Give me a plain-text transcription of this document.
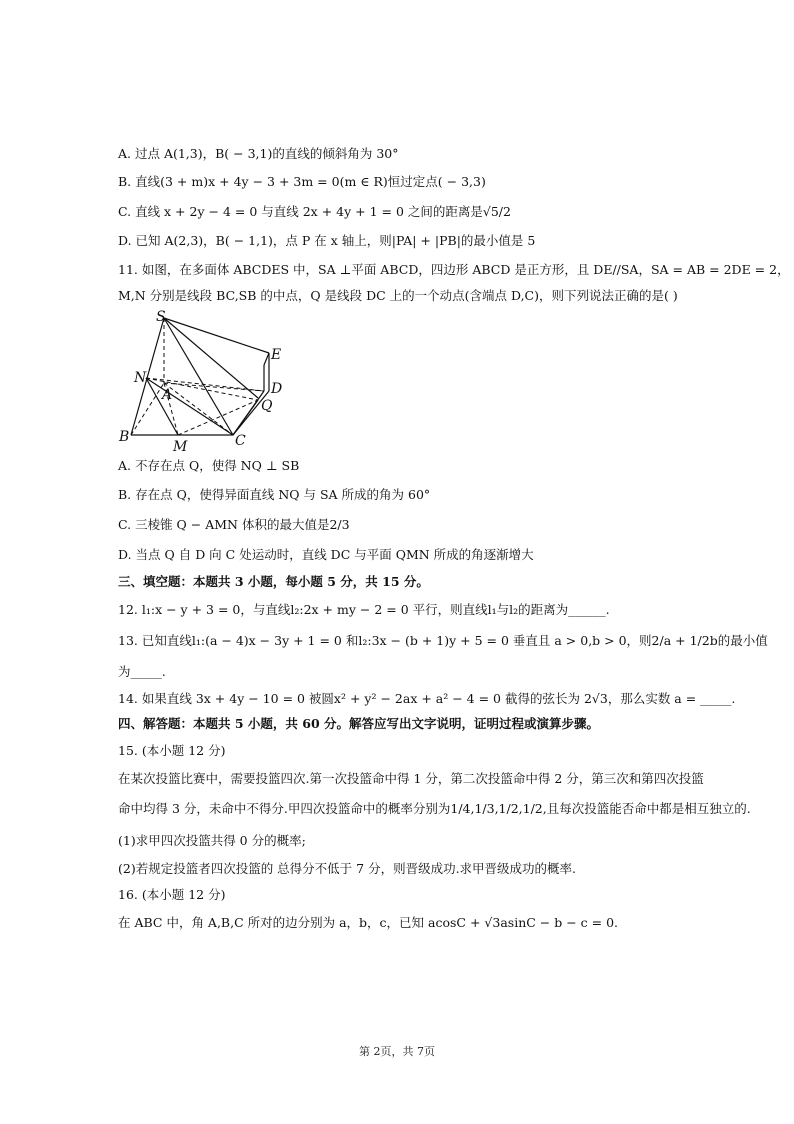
A. 过点 A(1,3)，B( − 3,1)的直线的倾斜角为 30°
B. 直线(3 + m)x + 4y − 3 + 3m = 0(m ∈ R)恒过定点( − 3,3)
C. 直线 x + 2y − 4 = 0 与直线 2x + 4y + 1 = 0 之间的距离是√5/2
D. 已知 A(2,3)，B( − 1,1)，点 P 在 x 轴上，则|PA| + |PB|的最小值是 5
11. 如图，在多面体 ABCDES 中，SA ⊥平面 ABCD，四边形 ABCD 是正方形，且 DE//SA，SA = AB = 2DE = 2，
M,N 分别是线段 BC,SB 的中点，Q 是线段 DC 上的一个动点(含端点 D,C)，则下列说法正确的是( )
S
E
N
A	D
Q
B
M	C
A. 不存在点 Q，使得 NQ ⊥ SB
B. 存在点 Q，使得异面直线 NQ 与 SA 所成的角为 60°
C. 三棱锥 Q − AMN 体积的最大值是2/3
D. 当点 Q 自 D 向 C 处运动时，直线 DC 与平面 QMN 所成的角逐渐增大
三、填空题：本题共 3 小题，每小题 5 分，共 15 分。
12. l₁:x − y + 3 = 0，与直线l₂:2x + my − 2 = 0 平行，则直线l₁与l₂的距离为______.
13. 已知直线l₁:(a − 4)x − 3y + 1 = 0 和l₂:3x − (b + 1)y + 5 = 0 垂直且 a > 0,b > 0，则2/a + 1/2b的最小值
为_____.
14. 如果直线 3x + 4y − 10 = 0 被圆x² + y² − 2ax + a² − 4 = 0 截得的弦长为 2√3，那么实数 a = _____.
四、解答题：本题共 5 小题，共 60 分。解答应写出文字说明，证明过程或演算步骤。
15. (本小题 12 分)
在某次投篮比赛中，需要投篮四次.第一次投篮命中得 1 分，第二次投篮命中得 2 分，第三次和第四次投篮
命中均得 3 分，未命中不得分.甲四次投篮命中的概率分别为1/4,1/3,1/2,1/2,且每次投篮能否命中都是相互独立的.
(1)求甲四次投篮共得 0 分的概率;
(2)若规定投篮者四次投篮的 总得分不低于 7 分，则晋级成功.求甲晋级成功的概率.
16. (本小题 12 分)
在 ABC 中，角 A,B,C 所对的边分别为 a，b，c，已知 acosC + √3asinC − b − c = 0.
第 2页，共 7页
